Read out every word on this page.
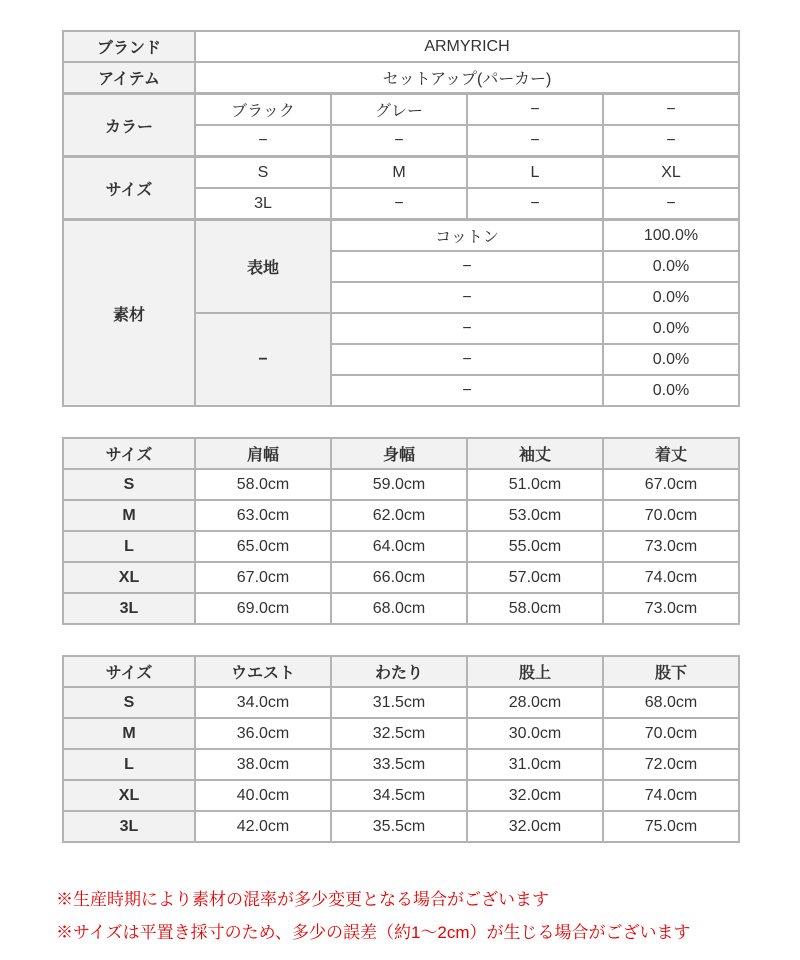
ブランド	ARMYRICH			
アイテム	セットアップ(パーカー)			
カラー	ブラック	グレー	−	−
	−	−	−	−
サイズ	S	M	L	XL
	3L	−	−	−
素材	表地	コットン		100.0%
		−		0.0%
		−		0.0%
	−	−		0.0%
		−		0.0%
		−		0.0%
サイズ	肩幅	身幅	袖丈	着丈
S	58.0cm	59.0cm	51.0cm	67.0cm
M	63.0cm	62.0cm	53.0cm	70.0cm
L	65.0cm	64.0cm	55.0cm	73.0cm
XL	67.0cm	66.0cm	57.0cm	74.0cm
3L	69.0cm	68.0cm	58.0cm	73.0cm
サイズ	ウエスト	わたり	股上	股下
S	34.0cm	31.5cm	28.0cm	68.0cm
M	36.0cm	32.5cm	30.0cm	70.0cm
L	38.0cm	33.5cm	31.0cm	72.0cm
XL	40.0cm	34.5cm	32.0cm	74.0cm
3L	42.0cm	35.5cm	32.0cm	75.0cm

※生産時期により素材の混率が多少変更となる場合がございます

※サイズは平置き採寸のため、多少の誤差（約1～2cm）が生じる場合がございます
